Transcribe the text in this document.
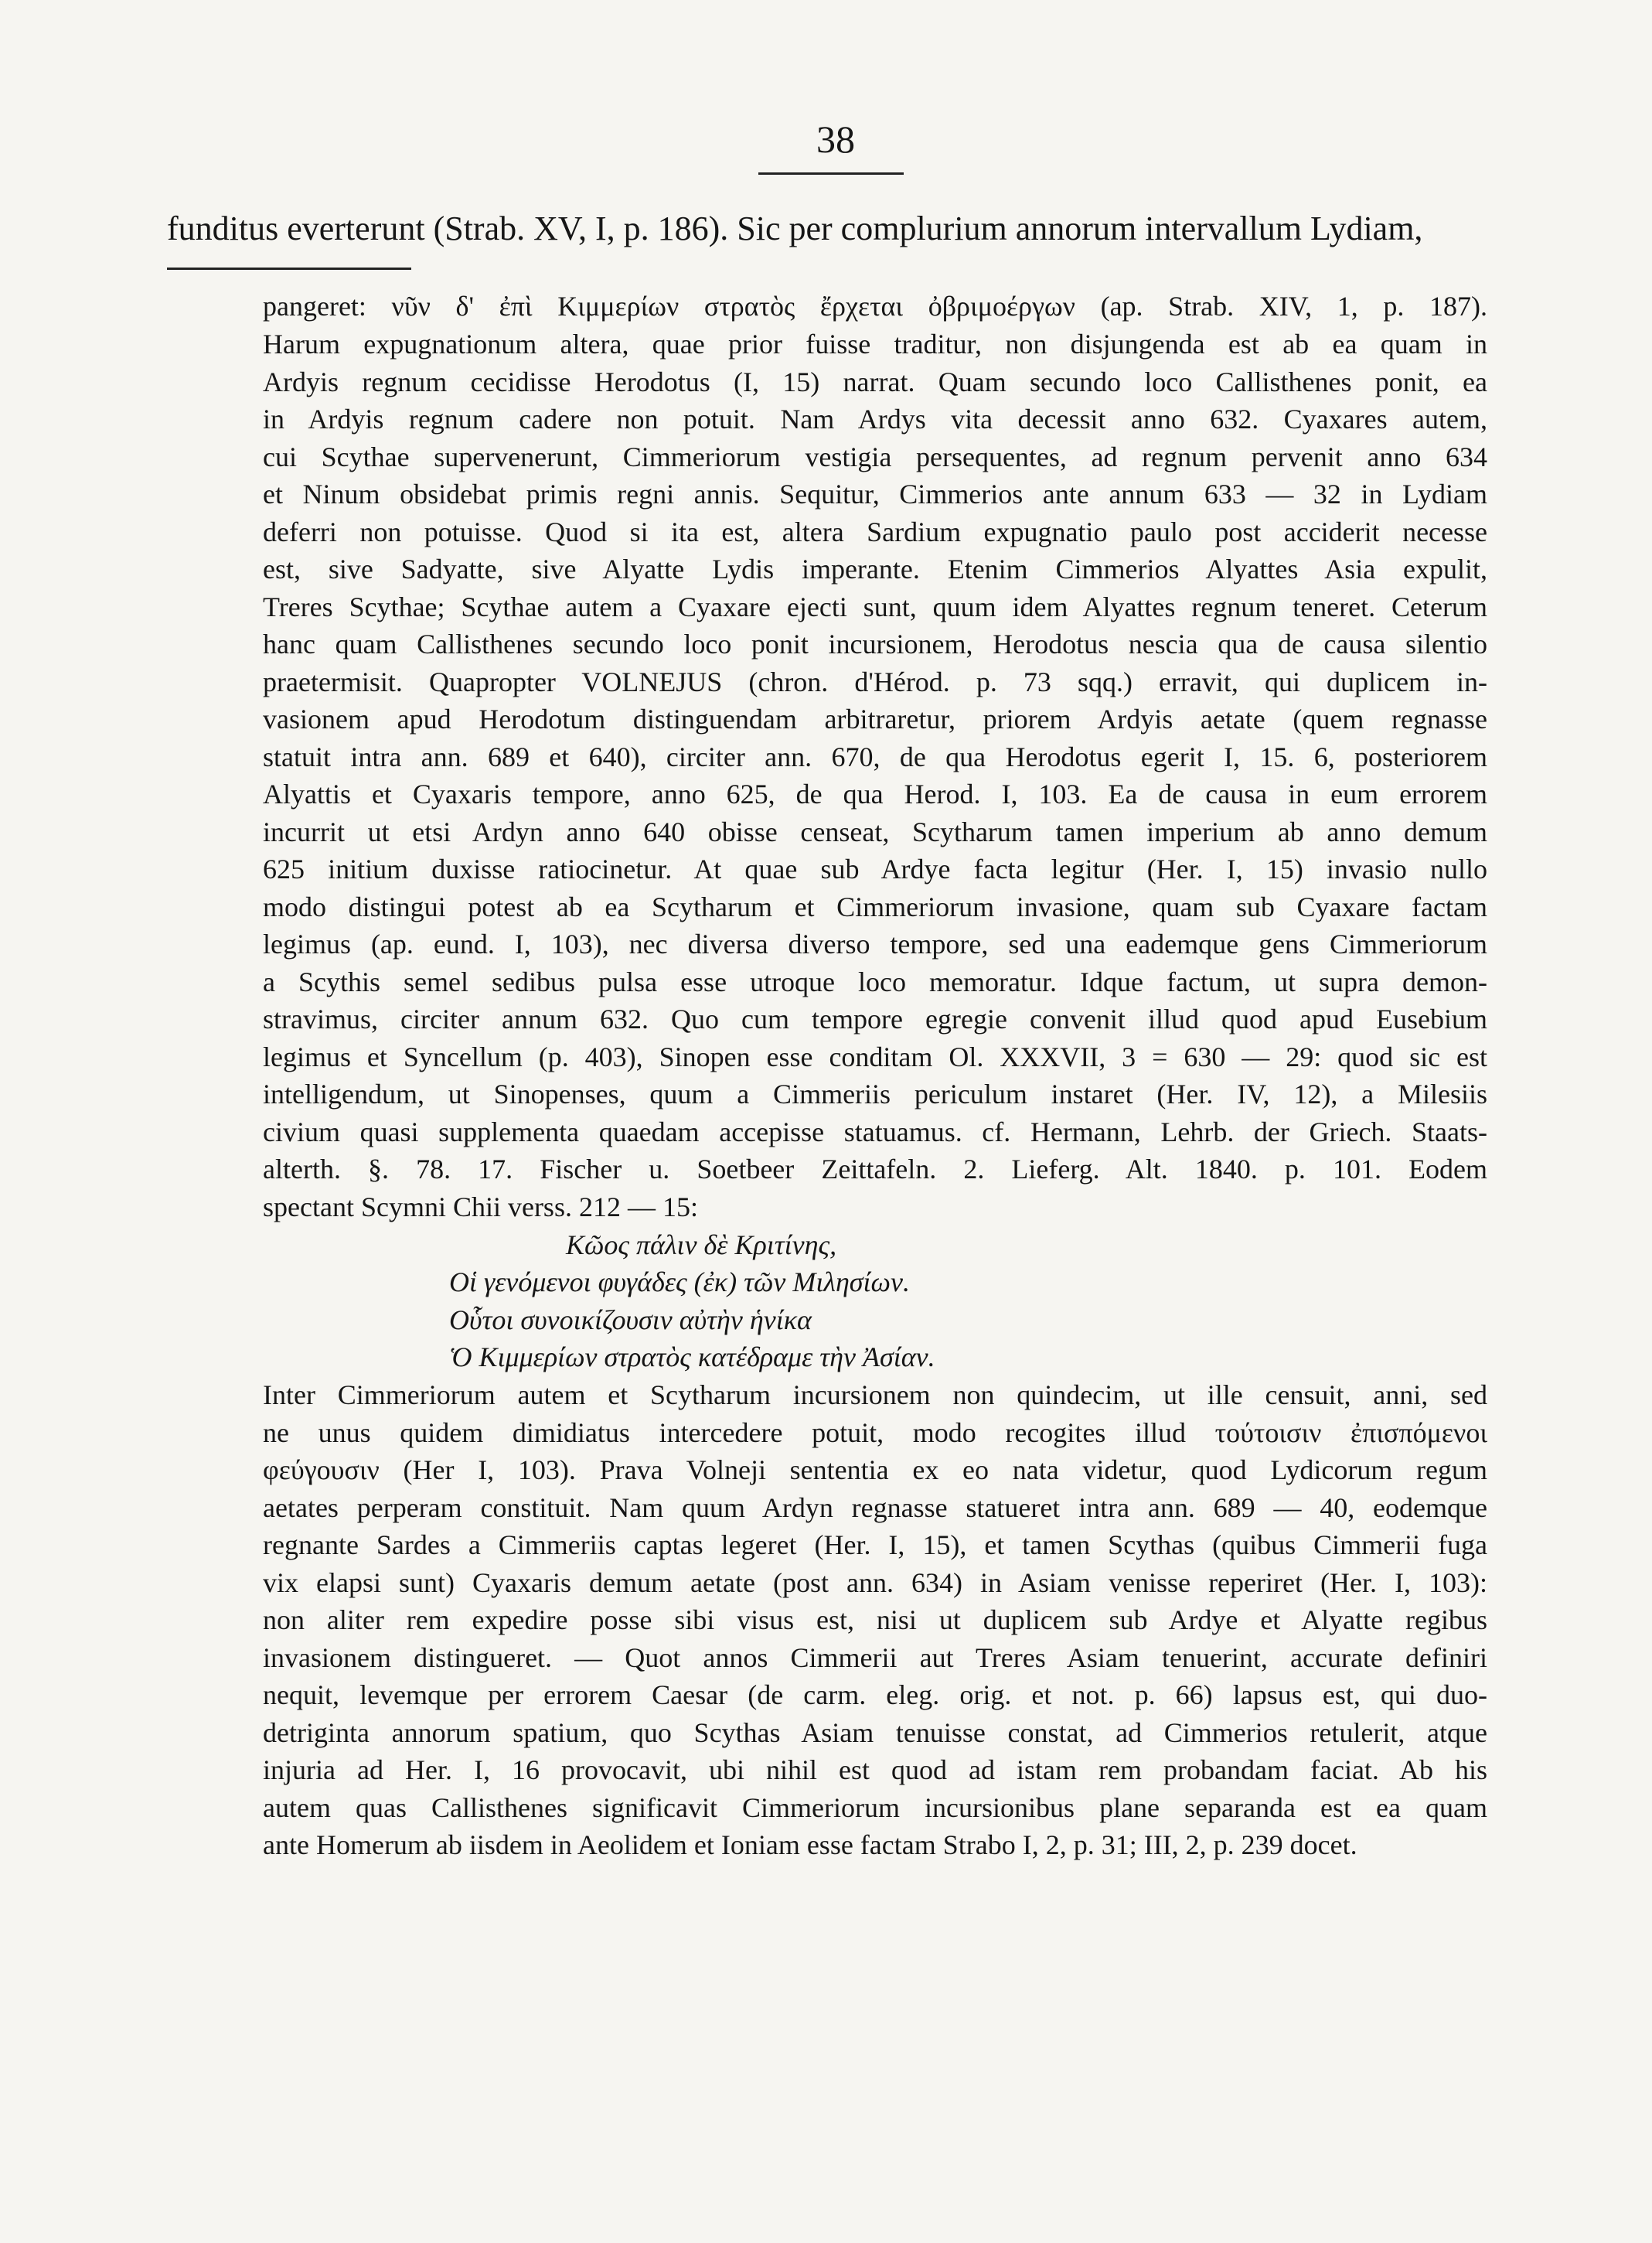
38
funditus everterunt (Strab. XV, I, p. 186). Sic per complurium annorum intervallum Lydiam,
pangeret: νῦν δ' ἐπὶ Κιμμερίων στρατὸς ἔρχεται ὀβριμοέργων (ap. Strab. XIV, 1, p. 187).
Harum expugnationum altera, quae prior fuisse traditur, non disjungenda est ab ea quam in
Ardyis regnum cecidisse Herodotus (I, 15) narrat. Quam secundo loco Callisthenes ponit, ea
in Ardyis regnum cadere non potuit. Nam Ardys vita decessit anno 632. Cyaxares autem,
cui Scythae supervenerunt, Cimmeriorum vestigia persequentes, ad regnum pervenit anno 634
et Ninum obsidebat primis regni annis. Sequitur, Cimmerios ante annum 633 — 32 in Lydiam
deferri non potuisse. Quod si ita est, altera Sardium expugnatio paulo post acciderit necesse
est, sive Sadyatte, sive Alyatte Lydis imperante. Etenim Cimmerios Alyattes Asia expulit,
Treres Scythae; Scythae autem a Cyaxare ejecti sunt, quum idem Alyattes regnum teneret. Ceterum
hanc quam Callisthenes secundo loco ponit incursionem, Herodotus nescia qua de causa silentio
praetermisit. Quapropter VOLNEJUS (chron. d'Hérod. p. 73 sqq.) erravit, qui duplicem in-
vasionem apud Herodotum distinguendam arbitraretur, priorem Ardyis aetate (quem regnasse
statuit intra ann. 689 et 640), circiter ann. 670, de qua Herodotus egerit I, 15. 6, posteriorem
Alyattis et Cyaxaris tempore, anno 625, de qua Herod. I, 103. Ea de causa in eum errorem
incurrit ut etsi Ardyn anno 640 obisse censeat, Scytharum tamen imperium ab anno demum
625 initium duxisse ratiocinetur. At quae sub Ardye facta legitur (Her. I, 15) invasio nullo
modo distingui potest ab ea Scytharum et Cimmeriorum invasione, quam sub Cyaxare factam
legimus (ap. eund. I, 103), nec diversa diverso tempore, sed una eademque gens Cimmeriorum
a Scythis semel sedibus pulsa esse utroque loco memoratur. Idque factum, ut supra demon-
stravimus, circiter annum 632. Quo cum tempore egregie convenit illud quod apud Eusebium
legimus et Syncellum (p. 403), Sinopen esse conditam Ol. XXXVII, 3 = 630 — 29: quod sic est
intelligendum, ut Sinopenses, quum a Cimmeriis periculum instaret (Her. IV, 12), a Milesiis
civium quasi supplementa quaedam accepisse statuamus. cf. Hermann, Lehrb. der Griech. Staats-
alterth. §. 78. 17. Fischer u. Soetbeer Zeittafeln. 2. Lieferg. Alt. 1840. p. 101. Eodem
spectant Scymni Chii verss. 212 — 15:
Κῶος πάλιν δὲ Κριτίνης,
Οἱ γενόμενοι φυγάδες (ἐκ) τῶν Μιλησίων.
Οὗτοι συνοικίζουσιν αὐτὴν ἡνίκα
Ὁ Κιμμερίων στρατὸς κατέδραμε τὴν Ἀσίαν.
Inter Cimmeriorum autem et Scytharum incursionem non quindecim, ut ille censuit, anni, sed
ne unus quidem dimidiatus intercedere potuit, modo recogites illud τούτοισιν ἐπισπόμενοι
φεύγουσιν (Her I, 103). Prava Volneji sententia ex eo nata videtur, quod Lydicorum regum
aetates perperam constituit. Nam quum Ardyn regnasse statueret intra ann. 689 — 40, eodemque
regnante Sardes a Cimmeriis captas legeret (Her. I, 15), et tamen Scythas (quibus Cimmerii fuga
vix elapsi sunt) Cyaxaris demum aetate (post ann. 634) in Asiam venisse reperiret (Her. I, 103):
non aliter rem expedire posse sibi visus est, nisi ut duplicem sub Ardye et Alyatte regibus
invasionem distingueret. — Quot annos Cimmerii aut Treres Asiam tenuerint, accurate definiri
nequit, levemque per errorem Caesar (de carm. eleg. orig. et not. p. 66) lapsus est, qui duo-
detriginta annorum spatium, quo Scythas Asiam tenuisse constat, ad Cimmerios retulerit, atque
injuria ad Her. I, 16 provocavit, ubi nihil est quod ad istam rem probandam faciat. Ab his
autem quas Callisthenes significavit Cimmeriorum incursionibus plane separanda est ea quam
ante Homerum ab iisdem in Aeolidem et Ioniam esse factam Strabo I, 2, p. 31; III, 2, p. 239 docet.
